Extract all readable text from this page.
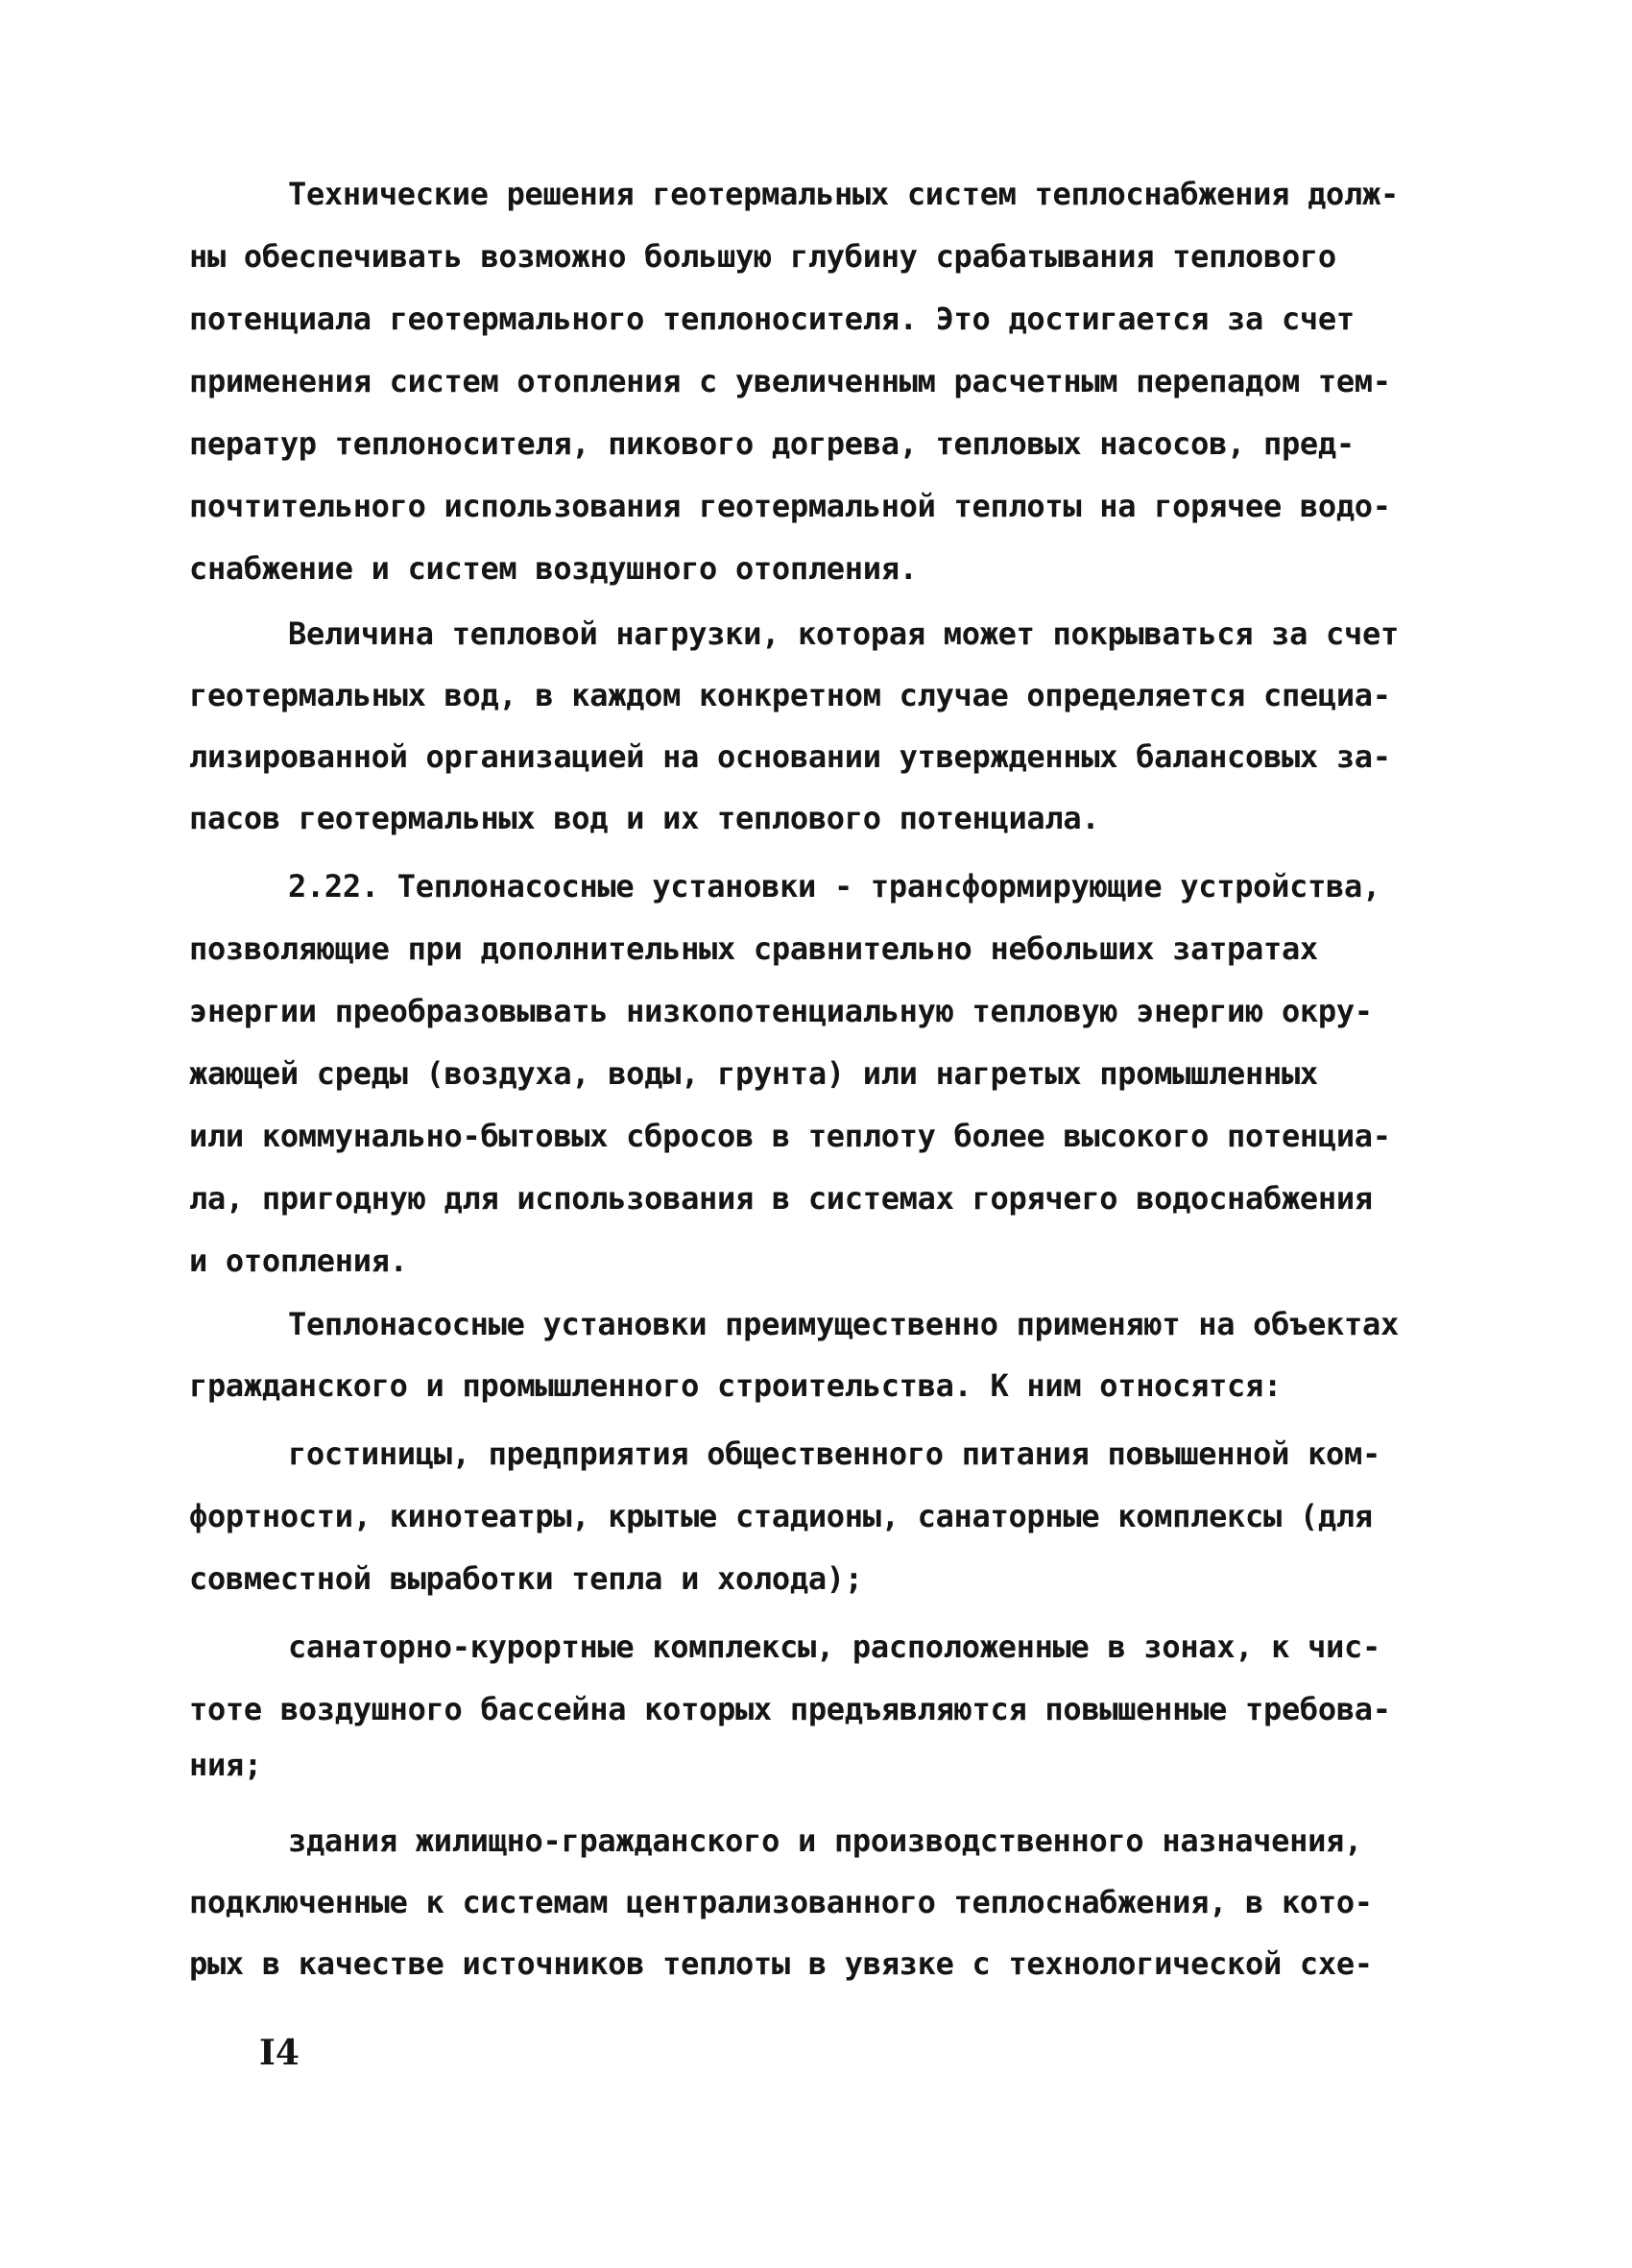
Технические решения геотермальных систем теплоснабжения долж-
ны обеспечивать возможно большую глубину срабатывания теплового
потенциала геотермального теплоносителя. Это достигается за счет
применения систем отопления с увеличенным расчетным перепадом тем-
ператур теплоносителя, пикового догрева, тепловых насосов, пред-
почтительного использования геотермальной теплоты на горячее водо-
снабжение и систем воздушного отопления.
Величина тепловой нагрузки, которая может покрываться за счет
геотермальных вод, в каждом конкретном случае определяется специа-
лизированной организацией на основании утвержденных балансовых за-
пасов геотермальных вод и их теплового потенциала.
2.22. Теплонасосные установки - трансформирующие устройства,
позволяющие при дополнительных сравнительно небольших затратах
энергии преобразовывать низкопотенциальную тепловую энергию окру-
жающей среды (воздуха, воды, грунта) или нагретых промышленных
или коммунально-бытовых сбросов в теплоту более высокого потенциа-
ла, пригодную для использования в системах горячего водоснабжения
и отопления.
Теплонасосные установки преимущественно применяют на объектах
гражданского и промышленного строительства. К ним относятся:
гостиницы, предприятия общественного питания повышенной ком-
фортности, кинотеатры, крытые стадионы, санаторные комплексы (для
совместной выработки тепла и холода);
санаторно-курортные комплексы, расположенные в зонах, к чис-
тоте воздушного бассейна которых предъявляются повышенные требова-
ния;
здания жилищно-гражданского и производственного назначения,
подключенные к системам централизованного теплоснабжения, в кото-
рых в качестве источников теплоты в увязке с технологической схе-
I4
